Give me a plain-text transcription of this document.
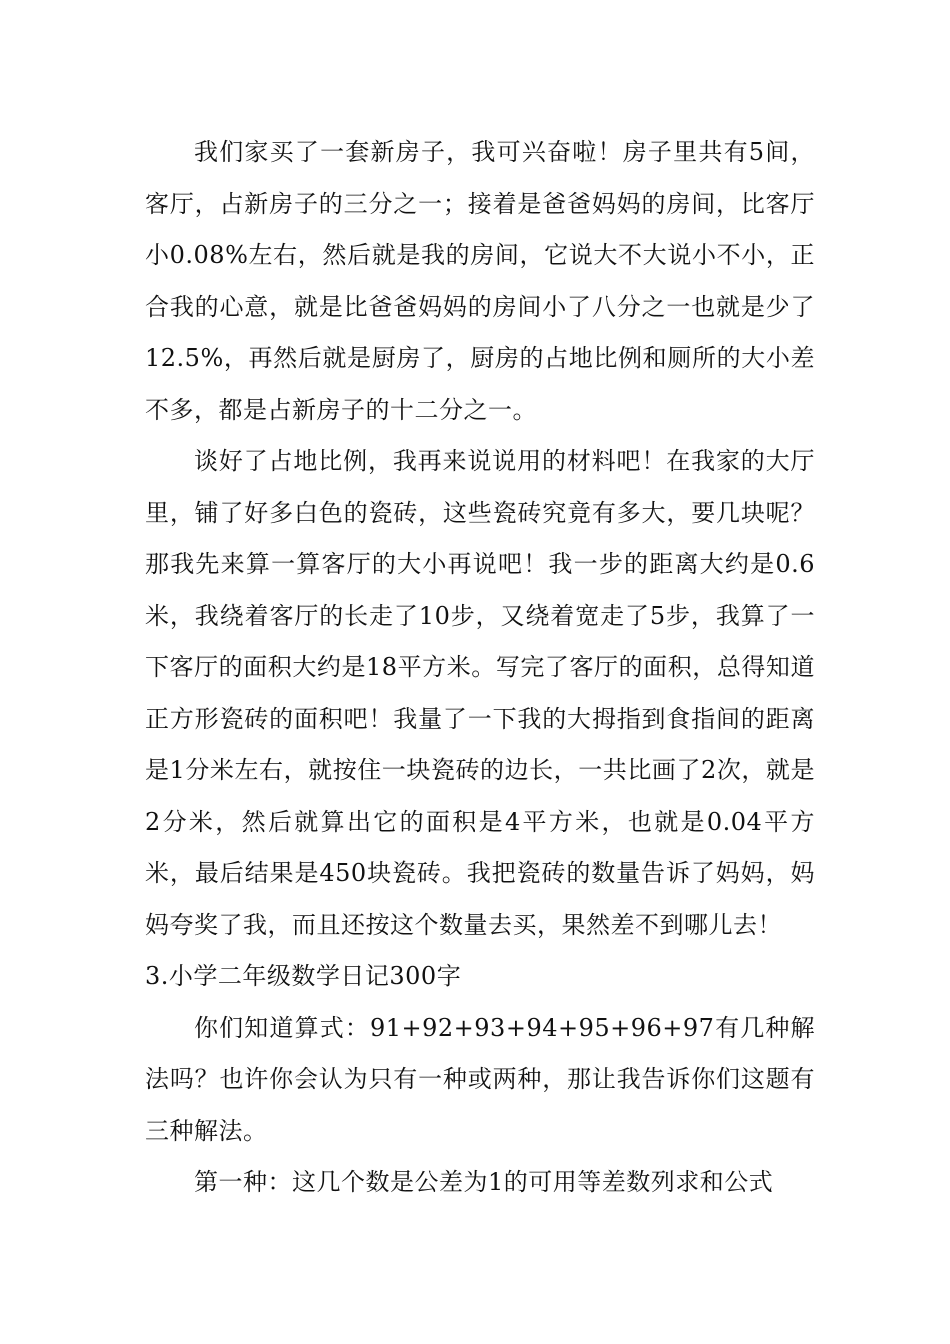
我们家买了一套新房子，我可兴奋啦！房子里共有5间，客厅，占新房子的三分之一；接着是爸爸妈妈的房间，比客厅小0.08%左右，然后就是我的房间，它说大不大说小不小，正合我的心意，就是比爸爸妈妈的房间小了八分之一也就是少了12.5%，再然后就是厨房了，厨房的占地比例和厕所的大小差不多，都是占新房子的十二分之一。

谈好了占地比例，我再来说说用的材料吧！在我家的大厅里，铺了好多白色的瓷砖，这些瓷砖究竟有多大，要几块呢？那我先来算一算客厅的大小再说吧！我一步的距离大约是0.6米，我绕着客厅的长走了10步，又绕着宽走了5步，我算了一下客厅的面积大约是18平方米。写完了客厅的面积，总得知道正方形瓷砖的面积吧！我量了一下我的大拇指到食指间的距离是1分米左右，就按住一块瓷砖的边长，一共比画了2次，就是2分米，然后就算出它的面积是4平方米，也就是0.04平方米，最后结果是450块瓷砖。我把瓷砖的数量告诉了妈妈，妈妈夸奖了我，而且还按这个数量去买，果然差不到哪儿去！

3.小学二年级数学日记300字

你们知道算式：91+92+93+94+95+96+97有几种解法吗？也许你会认为只有一种或两种，那让我告诉你们这题有三种解法。

第一种：这几个数是公差为1的可用等差数列求和公式
